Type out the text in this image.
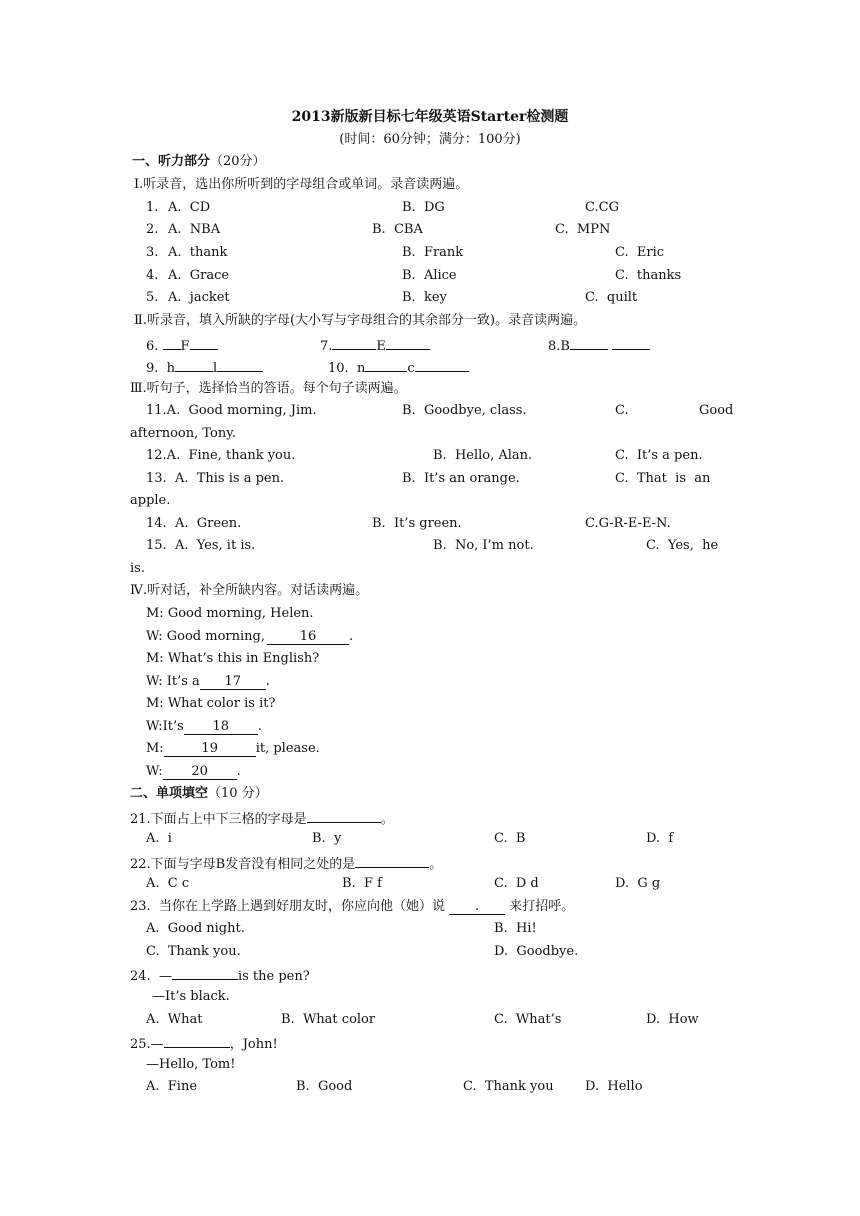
2013新版新目标七年级英语Starter检测题
(时间：60分钟；满分：100分)
一、听力部分（20分）
Ⅰ.听录音，选出你所听到的字母组合或单词。录音读两遍。
1. A.  CD	B.  DG	C.CG
2. A.  NBA	B.  CBA	C.  MPN
3. A.  thank	B.  Frank	C.  Eric
4. A.  Grace	B.  Alice	C.  thanks
5. A.  jacket	B.  key	C.  quilt
Ⅱ.听录音，填入所缺的字母(大小写与字母组合的其余部分一致)。录音读两遍。
6. F	7.	E	8.B
9. h	l	10. n	c
Ⅲ.听句子，选择恰当的答语。每个句子读两遍。
11.A.  Good morning, Jim.	B.  Goodbye, class.	C.	Good
afternoon, Tony.
12.A.  Fine, thank you.	B.  Hello, Alan.	C.  It’s a pen.
13.  A.  This is a pen.	B.  It’s an orange.	C.  That  is  an
apple.
14.  A.  Green.	B.  It’s green.	C.G-R-E-E-N.
15.  A.  Yes, it is.	B.  No, I’m not.	C.  Yes,  he
is.
Ⅳ.听对话，补全所缺内容。对话读两遍。
M: Good morning, Helen.
W: Good morning,	16	.
M: What’s this in English?
W: It’s a 17 .
M: What color is it?
W:It’s 18 .
M:	19	it, please.
W: 20 .
二、单项填空（10 分）
21.下面占上中下三格的字母是	。
A.  i	B.  y	C.  B	D.  f
22.下面与字母B发音没有相同之处的是	。
A.  C c	B.  F f	C.  D d	D.  G g
23.  当你在上学路上遇到好朋友时，你应向他（她）说 . 来打招呼。
A.  Good night.	B.  Hi!
C.  Thank you.	D.  Goodbye.
24.  —	is the pen?
—It’s black.
A.  What	B.  What color	C.  What’s	D.  How
25.—	，John!
—Hello, Tom!
A.  Fine	B.  Good	C.  Thank you D.  Hello
